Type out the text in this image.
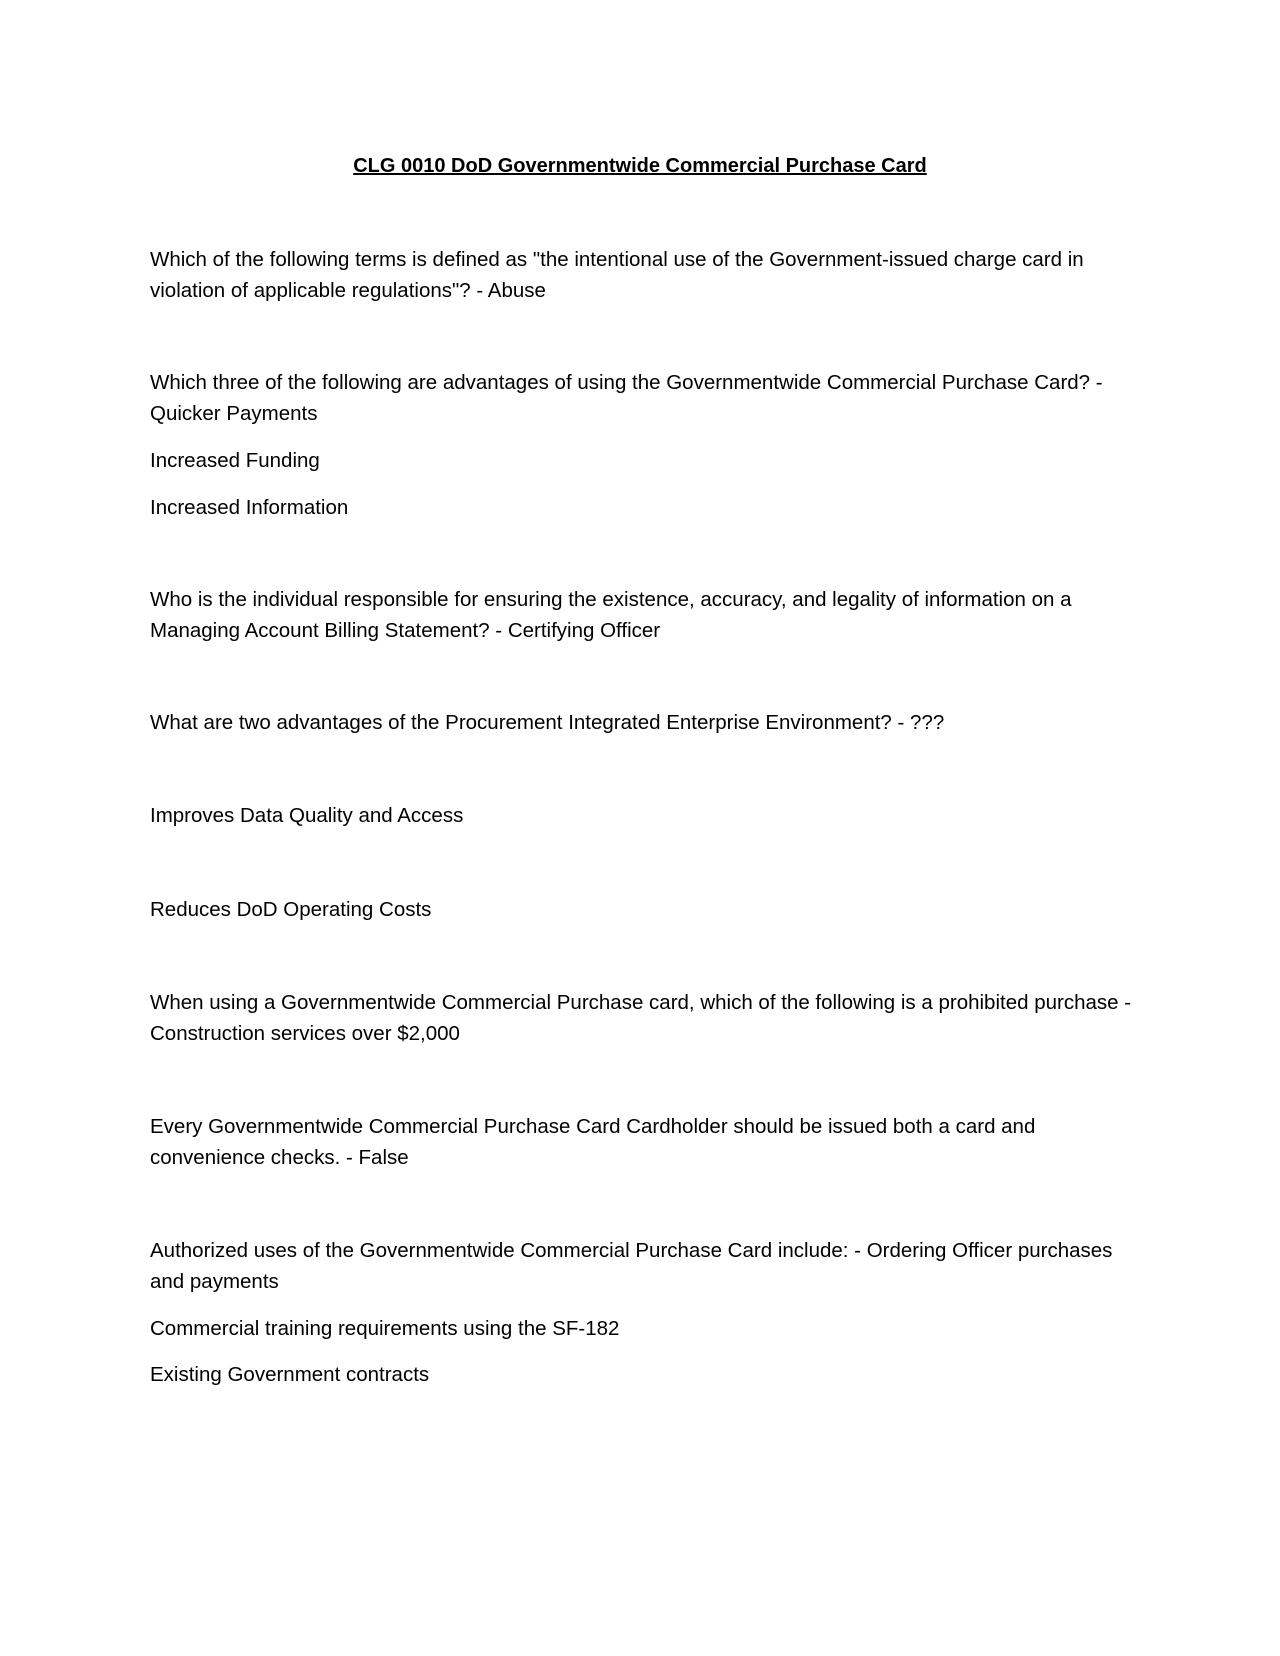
CLG 0010 DoD Governmentwide Commercial Purchase Card

Which of the following terms is defined as "the intentional use of the Government-issued charge card in violation of applicable regulations"? - Abuse

Which three of the following are advantages of using the Governmentwide Commercial Purchase Card? - Quicker Payments

Increased Funding

Increased Information

Who is the individual responsible for ensuring the existence, accuracy, and legality of information on a Managing Account Billing Statement? - Certifying Officer

What are two advantages of the Procurement Integrated Enterprise Environment? - ???

Improves Data Quality and Access

Reduces DoD Operating Costs

When using a Governmentwide Commercial Purchase card, which of the following is a prohibited purchase - Construction services over $2,000

Every Governmentwide Commercial Purchase Card Cardholder should be issued both a card and convenience checks. - False

Authorized uses of the Governmentwide Commercial Purchase Card include: - Ordering Officer purchases and payments

Commercial training requirements using the SF-182

Existing Government contracts
